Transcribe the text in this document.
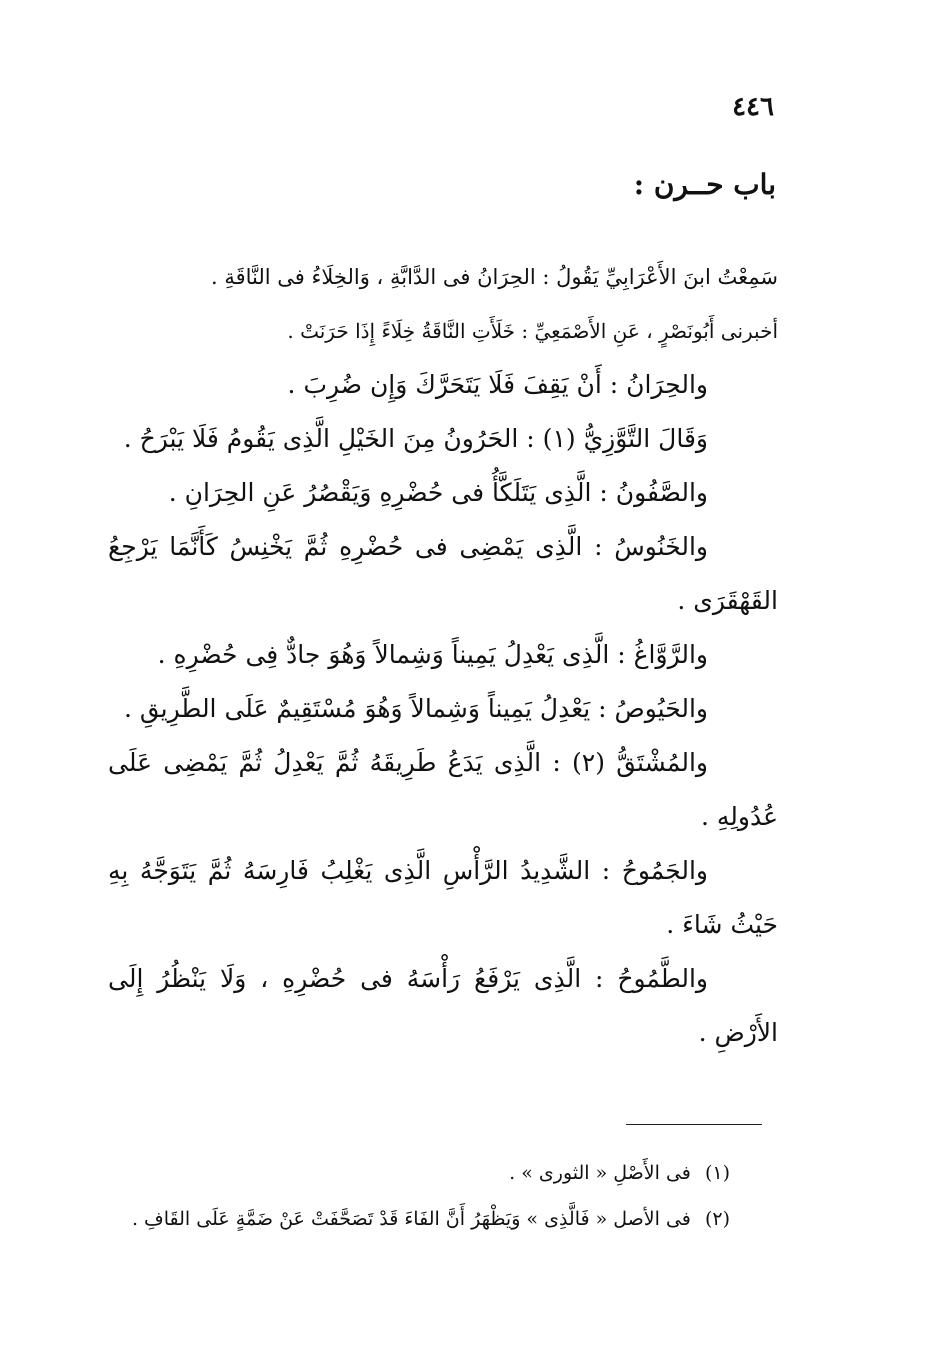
٤٤٦
باب حــرن :

سَمِعْتُ ابنَ الأَعْرَابِيِّ يَقُولُ : الحِرَانُ فى الدَّابَّةِ ، وَالخِلَاءُ فى النَّاقَةِ .

أخبرنى أَبُونَصْرٍ ، عَنِ الأَصْمَعِيِّ : خَلَأَتِ النَّاقَةُ خِلَاءً إِذَا حَرَنَتْ .

والحِرَانُ : أَنْ يَقِفَ فَلَا يَتَحَرَّكَ وَإِن ضُرِبَ .

وَقَالَ التَّوَّزِيُّ (١) : الحَرُونُ مِنَ الخَيْلِ الَّذِى يَقُومُ فَلَا يَبْرَحُ .

والصَّفُونُ : الَّذِى يَتَلَكَّأُ فى حُضْرِهِ وَيَقْصُرُ عَنِ الحِرَانِ .

والخَنُوسُ : الَّذِى يَمْضِى فى حُضْرِهِ ثُمَّ يَخْنِسُ كَأَنَّمَا يَرْجِعُ القَهْقَرَى .

والرَّوَّاغُ : الَّذِى يَعْدِلُ يَمِيناً وَشِمالاً وَهُوَ جادٌّ فِى حُضْرِهِ .

والحَيُوصُ : يَعْدِلُ يَمِيناً وَشِمالاً وَهُوَ مُسْتَقِيمٌ عَلَى الطَّرِيقِ .

والمُشْتَقُّ (٢) : الَّذِى يَدَعُ طَرِيقَهُ ثُمَّ يَعْدِلُ ثُمَّ يَمْضِى عَلَى عُدُولِهِ .

والجَمُوحُ : الشَّدِيدُ الرَّأْسِ الَّذِى يَغْلِبُ فَارِسَهُ ثُمَّ يَتَوَجَّهُ بِهِ حَيْثُ شَاءَ .

والطَّمُوحُ : الَّذِى يَرْفَعُ رَأْسَهُ فى حُضْرِهِ ، وَلَا يَنْظُرُ إِلَى الأَرْضِ .

(١) فى الأَصْلِ « الثورى » .

(٢) فى الأصل « فَالَّذِى » وَيَظْهَرُ أَنَّ الفَاءَ قَدْ تَصَحَّفَتْ عَنْ ضَمَّةٍ عَلَى القَافِ .
